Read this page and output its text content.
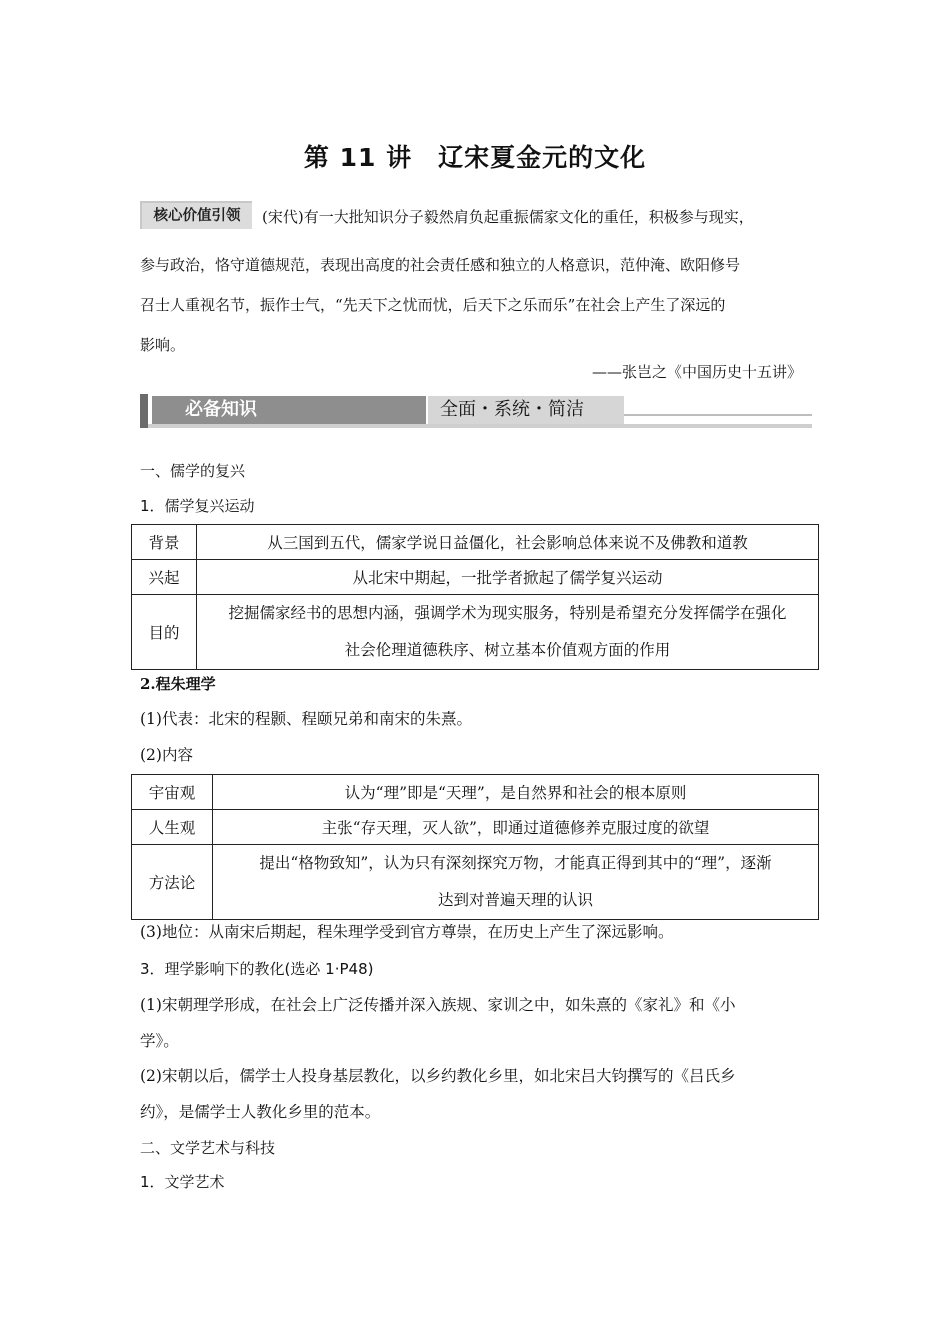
第 11 讲　辽宋夏金元的文化
核心价值引领	(宋代)有一大批知识分子毅然肩负起重振儒家文化的重任，积极参与现实，
参与政治，恪守道德规范，表现出高度的社会责任感和独立的人格意识，范仲淹、欧阳修号
召士人重视名节，振作士气，“先天下之忧而忧，后天下之乐而乐”在社会上产生了深远的
影响。
——张岂之《中国历史十五讲》
必备知识	全面・系统・简洁
一、儒学的复兴
1．儒学复兴运动
背景	从三国到五代，儒家学说日益僵化，社会影响总体来说不及佛教和道教
兴起	从北宋中期起，一批学者掀起了儒学复兴运动
目的	挖掘儒家经书的思想内涵，强调学术为现实服务，特别是希望充分发挥儒学在强化
社会伦理道德秩序、树立基本价值观方面的作用
2.程朱理学
(1)代表：北宋的程颢、程颐兄弟和南宋的朱熹。
(2)内容
宇宙观	认为“理”即是“天理”，是自然界和社会的根本原则
人生观	主张“存天理，灭人欲”，即通过道德修养克服过度的欲望
方法论	提出“格物致知”，认为只有深刻探究万物，才能真正得到其中的“理”，逐渐
达到对普遍天理的认识
(3)地位：从南宋后期起，程朱理学受到官方尊崇，在历史上产生了深远影响。
3．理学影响下的教化(选必 1·P48)
(1)宋朝理学形成，在社会上广泛传播并深入族规、家训之中，如朱熹的《家礼》和《小
学》。
(2)宋朝以后，儒学士人投身基层教化，以乡约教化乡里，如北宋吕大钧撰写的《吕氏乡
约》，是儒学士人教化乡里的范本。
二、文学艺术与科技
1．文学艺术
